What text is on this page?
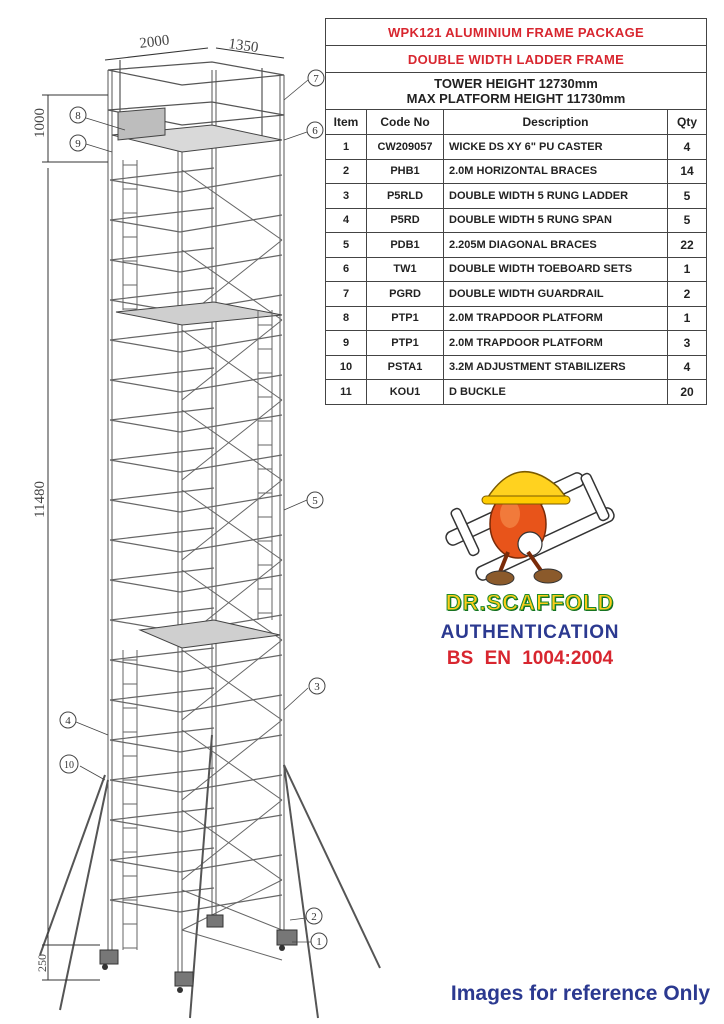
2000	1350
1000
11480
250
8
9
7
6
5
3
4
10
2
1
WPK121 ALUMINIUM FRAME PACKAGE			
DOUBLE WIDTH LADDER FRAME			

TOWER HEIGHT 12730mm
MAX PLATFORM HEIGHT 11730mm			

Item	Code No	Description	Qty
1	CW209057	WICKE DS XY 6" PU CASTER	4
2	PHB1	2.0M HORIZONTAL BRACES	14
3	P5RLD	DOUBLE WIDTH 5 RUNG LADDER	5
4	P5RD	DOUBLE WIDTH 5 RUNG SPAN	5
5	PDB1	2.205M DIAGONAL BRACES	22
6	TW1	DOUBLE WIDTH TOEBOARD SETS	1
7	PGRD	DOUBLE WIDTH GUARDRAIL	2
8	PTP1	2.0M TRAPDOOR PLATFORM	1
9	PTP1	2.0M TRAPDOOR PLATFORM	3
10	PSTA1	3.2M ADJUSTMENT STABILIZERS	4
11	KOU1	D BUCKLE	20
DR.SCAFFOLD
AUTHENTICATION
BS EN 1004:2004
Images for reference Only
